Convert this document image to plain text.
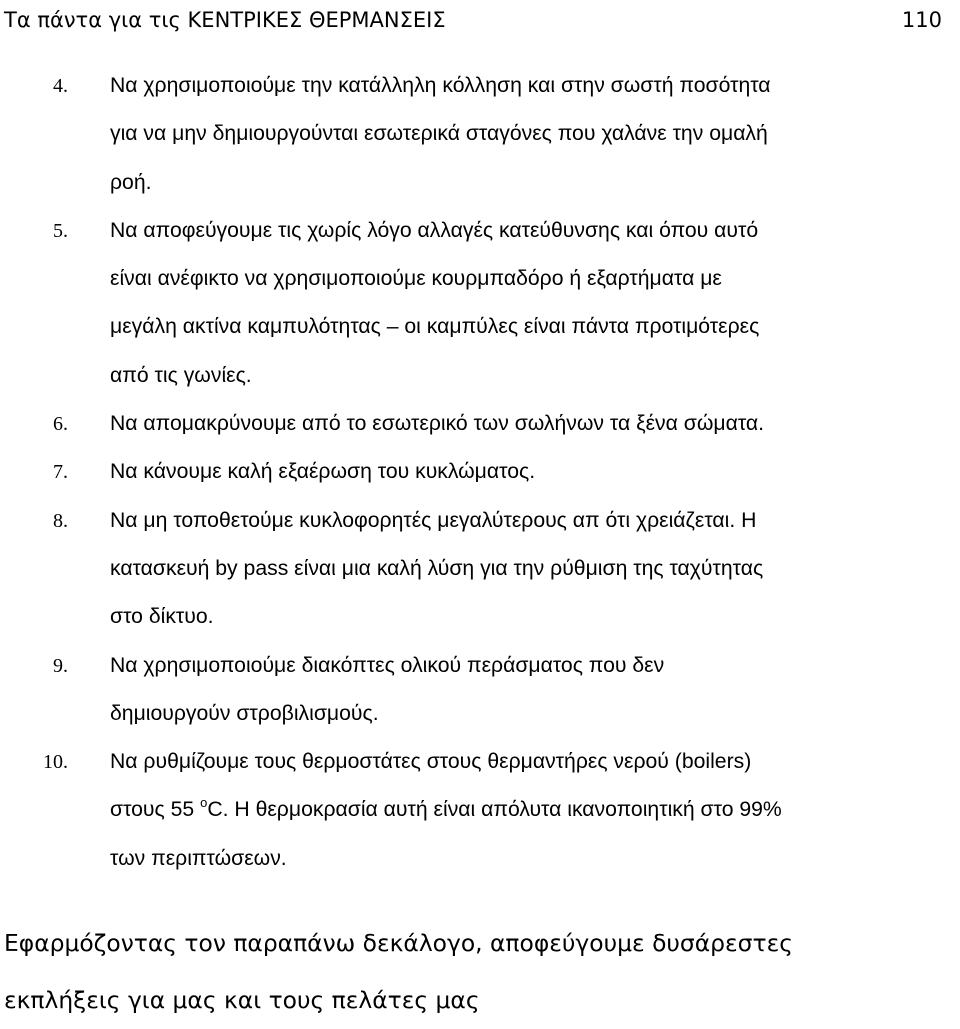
Τα πάντα για τις ΚΕΝΤΡΙΚΕΣ ΘΕΡΜΑΝΣΕΙΣ	110
4. Να χρησιμοποιούμε την κατάλληλη κόλληση και στην σωστή ποσότητα
για να μην δημιουργούνται εσωτερικά σταγόνες που χαλάνε την ομαλή
ροή.
5. Να αποφεύγουμε τις χωρίς λόγο αλλαγές κατεύθυνσης και όπου αυτό
είναι ανέφικτο να χρησιμοποιούμε κουρμπαδόρο ή εξαρτήματα με
μεγάλη ακτίνα καμπυλότητας – οι καμπύλες είναι πάντα προτιμότερες
από τις γωνίες.
6. Να απομακρύνουμε από το εσωτερικό των σωλήνων τα ξένα σώματα.
7. Να κάνουμε καλή εξαέρωση του κυκλώματος.
8. Να μη τοποθετούμε κυκλοφορητές μεγαλύτερους απ ότι χρειάζεται. Η
κατασκευή by pass είναι μια καλή λύση για την ρύθμιση της ταχύτητας
στο δίκτυο.
9. Να χρησιμοποιούμε διακόπτες ολικού περάσματος που δεν
δημιουργούν στροβιλισμούς.
10. Να ρυθμίζουμε τους θερμοστάτες στους θερμαντήρες νερού (boilers)
στους 55 $^o$C. Η θερμοκρασία αυτή είναι απόλυτα ικανοποιητική στο 99%
των περιπτώσεων.
Εφαρμόζοντας τον παραπάνω δεκάλογο, αποφεύγουμε δυσάρεστες
εκπλήξεις για μας και τους πελάτες μας
